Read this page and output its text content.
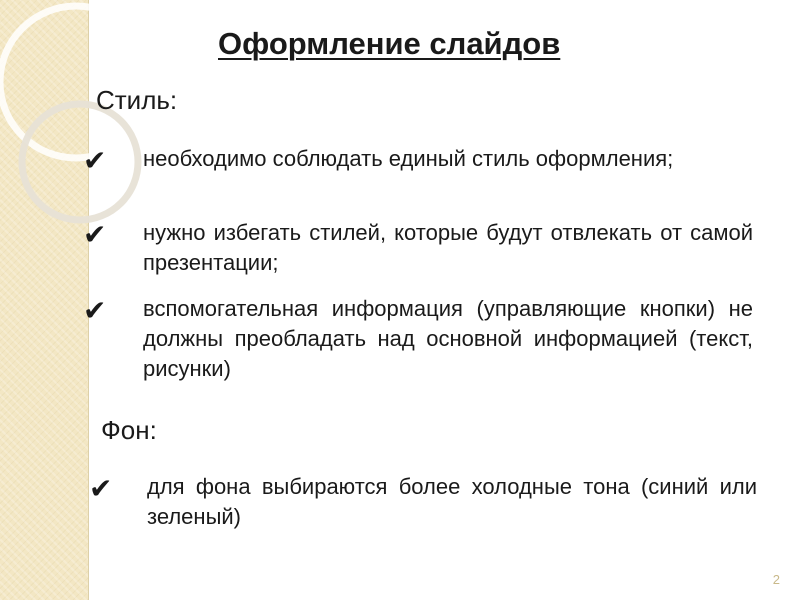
Оформление слайдов
Стиль:
✔ необходимо соблюдать единый стиль оформления;
✔ нужно избегать стилей, которые будут отвлекать от самой презентации;
✔ вспомогательная информация (управляющие кнопки) не должны преобладать над основной информацией (текст, рисунки)
Фон:
✔ для фона выбираются более холодные тона (синий или зеленый)
2
